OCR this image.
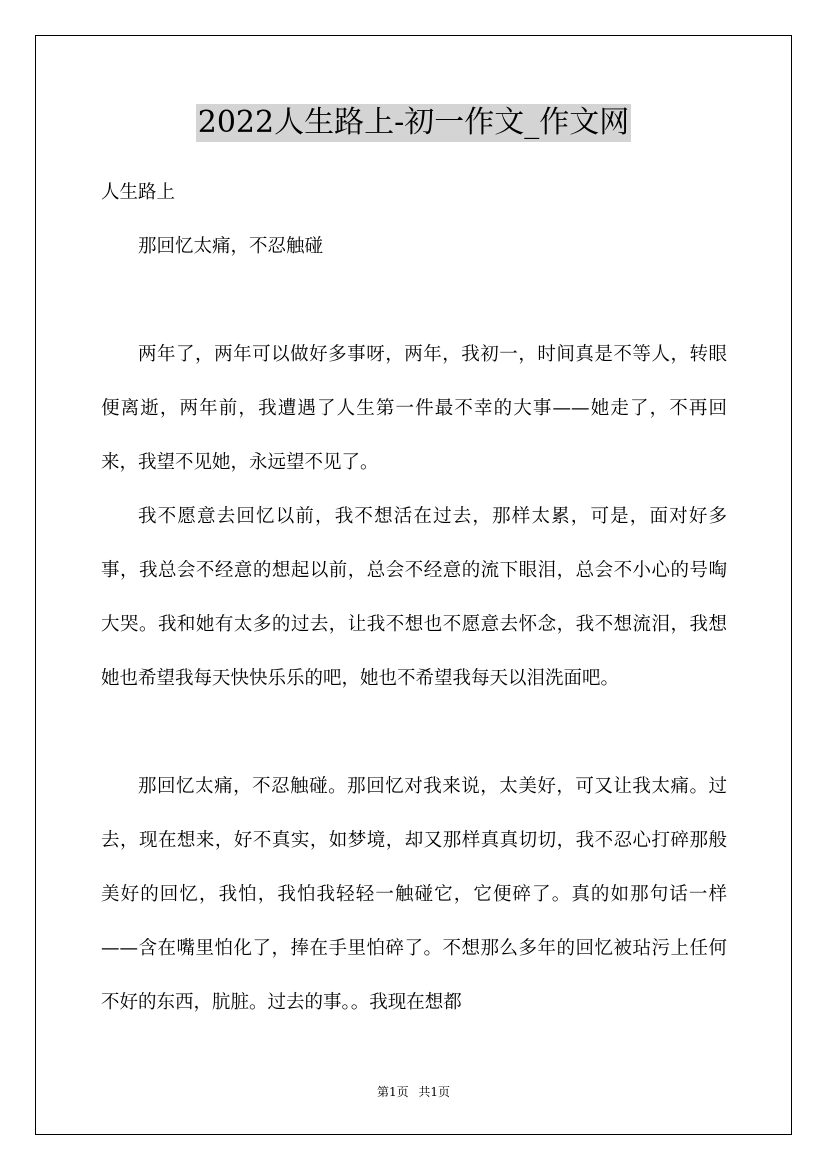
2022人生路上-初一作文_作文网

人生路上

那回忆太痛，不忍触碰

两年了，两年可以做好多事呀，两年，我初一，时间真是不等人，转眼便离逝，两年前，我遭遇了人生第一件最不幸的大事——她走了，不再回来，我望不见她，永远望不见了。

我不愿意去回忆以前，我不想活在过去，那样太累，可是，面对好多事，我总会不经意的想起以前，总会不经意的流下眼泪，总会不小心的号啕大哭。我和她有太多的过去，让我不想也不愿意去怀念，我不想流泪，我想她也希望我每天快快乐乐的吧，她也不希望我每天以泪洗面吧。

那回忆太痛，不忍触碰。那回忆对我来说，太美好，可又让我太痛。过去，现在想来，好不真实，如梦境，却又那样真真切切，我不忍心打碎那般美好的回忆，我怕，我怕我轻轻一触碰它，它便碎了。真的如那句话一样——含在嘴里怕化了，捧在手里怕碎了。不想那么多年的回忆被玷污上任何不好的东西，肮脏。过去的事。。我现在想都

第1页 共1页
